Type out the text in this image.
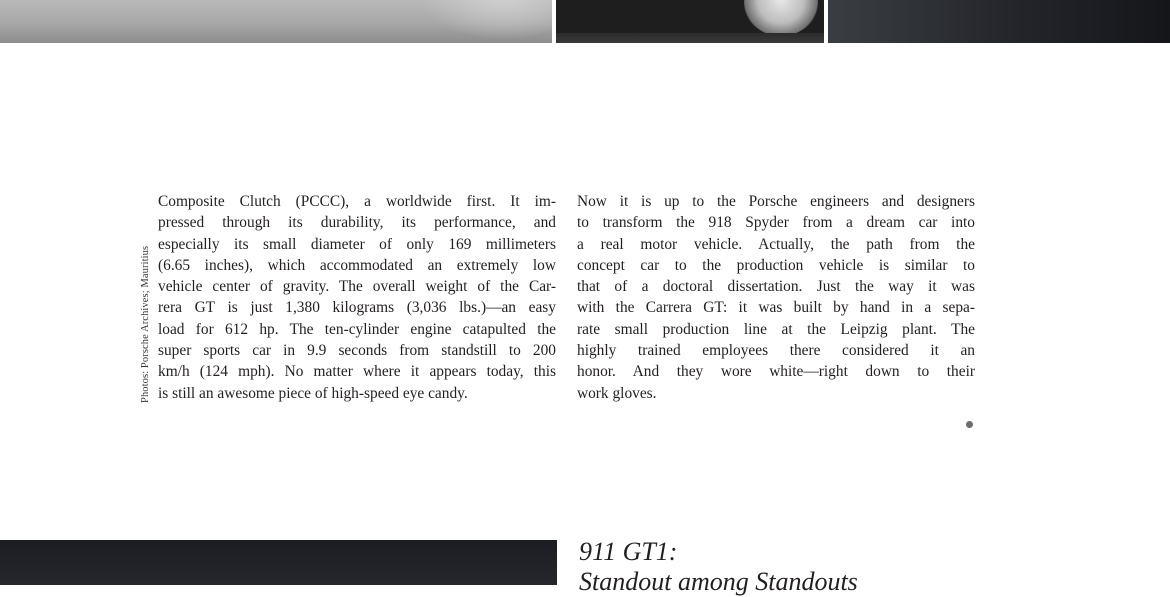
Photos: Porsche Archives; Mauritius
Composite Clutch (PCCC), a worldwide first. It im-
pressed through its durability, its performance, and
especially its small diameter of only 169 millimeters
(6.65 inches), which accommodated an extremely low
vehicle center of gravity. The overall weight of the Car-
rera GT is just 1,380 kilograms (3,036 lbs.)—an easy
load for 612 hp. The ten-cylinder engine catapulted the
super sports car in 9.9 seconds from standstill to 200
km/h (124 mph). No matter where it appears today, this
is still an awesome piece of high-speed eye candy.
Now it is up to the Porsche engineers and designers
to transform the 918 Spyder from a dream car into
a real motor vehicle. Actually, the path from the
concept car to the production vehicle is similar to
that of a doctoral dissertation. Just the way it was
with the Carrera GT: it was built by hand in a sepa-
rate small production line at the Leipzig plant. The
highly trained employees there considered it an
honor. And they wore white—right down to their
work gloves.
911 GT1:
Standout among Standouts
